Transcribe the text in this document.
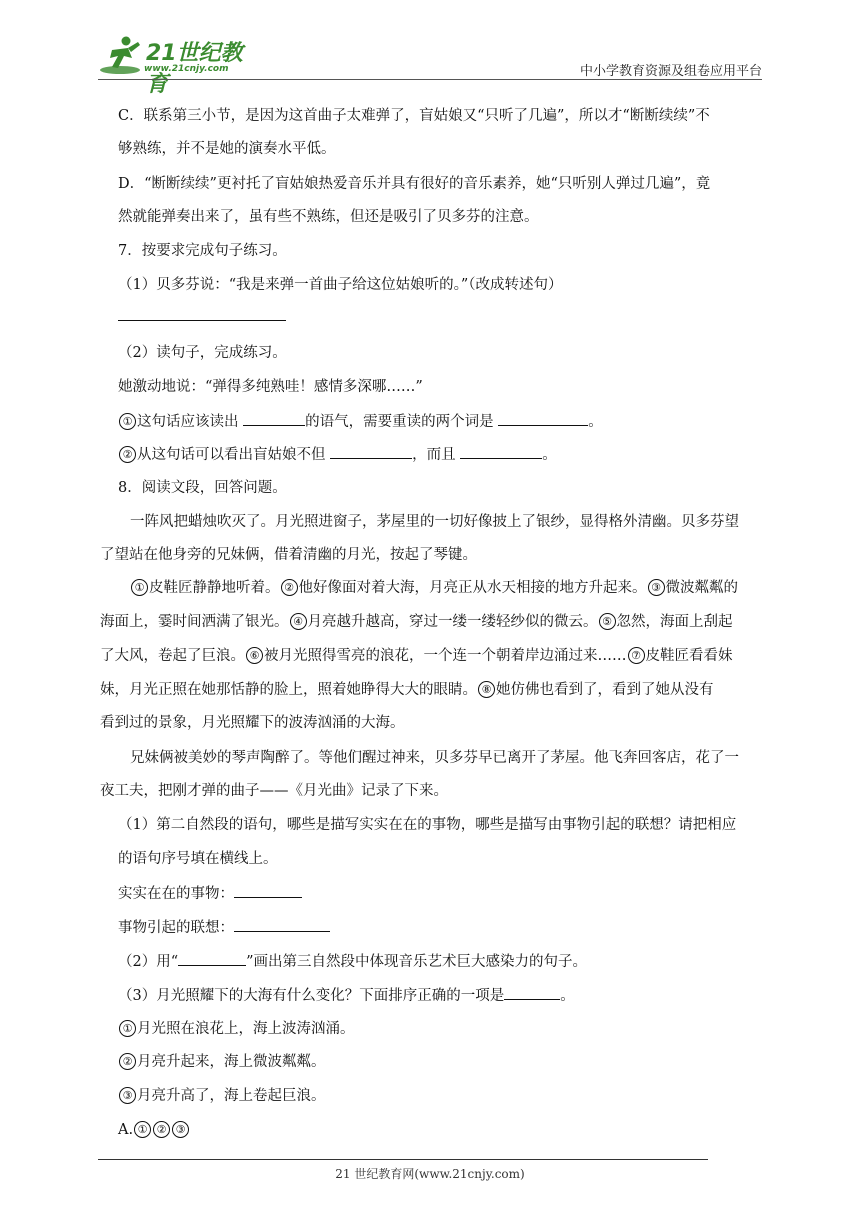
21世纪教育
www.21cnjy.com	中小学教育资源及组卷应用平台
C．联系第三小节，是因为这首曲子太难弹了，盲姑娘又“只听了几遍”，所以才“断断续续”不
够熟练，并不是她的演奏水平低。
D．“断断续续”更衬托了盲姑娘热爱音乐并具有很好的音乐素养，她“只听别人弹过几遍”，竟
然就能弹奏出来了，虽有些不熟练，但还是吸引了贝多芬的注意。
7．按要求完成句子练习。
（1）贝多芬说：“我是来弹一首曲子给这位姑娘听的。”（改成转述句）
（2）读句子，完成练习。
她激动地说：“弹得多纯熟哇！感情多深哪……”
① 这句话应该读出	的语气，需要重读的两个词是	。
② 从这句话可以看出盲姑娘不但	，而且	。
8．阅读文段，回答问题。
一阵风把蜡烛吹灭了。月光照进窗子，茅屋里的一切好像披上了银纱，显得格外清幽。贝多芬望
了望站在他身旁的兄妹俩，借着清幽的月光，按起了琴键。
① 皮鞋匠静静地听着。 ② 他好像面对着大海，月亮正从水天相接的地方升起来。 ③ 微波粼粼的
海面上，霎时间洒满了银光。 ④ 月亮越升越高，穿过一缕一缕轻纱似的微云。 ⑤ 忽然，海面上刮起
了大风，卷起了巨浪。 ⑥ 被月光照得雪亮的浪花，一个连一个朝着岸边涌过来…… ⑦ 皮鞋匠看看妹
妹，月光正照在她那恬静的脸上，照着她睁得大大的眼睛。 ⑧ 她仿佛也看到了，看到了她从没有
看到过的景象，月光照耀下的波涛汹涌的大海。
兄妹俩被美妙的琴声陶醉了。等他们醒过神来，贝多芬早已离开了茅屋。他飞奔回客店，花了一
夜工夫，把刚才弹的曲子——《月光曲》记录了下来。
（1）第二自然段的语句，哪些是描写实实在在的事物，哪些是描写由事物引起的联想？请把相应
的语句序号填在横线上。
实实在在的事物：
事物引起的联想：
（2）用“	”画出第三自然段中体现音乐艺术巨大感染力的句子。
（3）月光照耀下的大海有什么变化？下面排序正确的一项是	。
① 月光照在浪花上，海上波涛汹涌。
② 月亮升起来，海上微波粼粼。
③ 月亮升高了，海上卷起巨浪。
A. ① ② ③
21 世纪教育网(www.21cnjy.com)
